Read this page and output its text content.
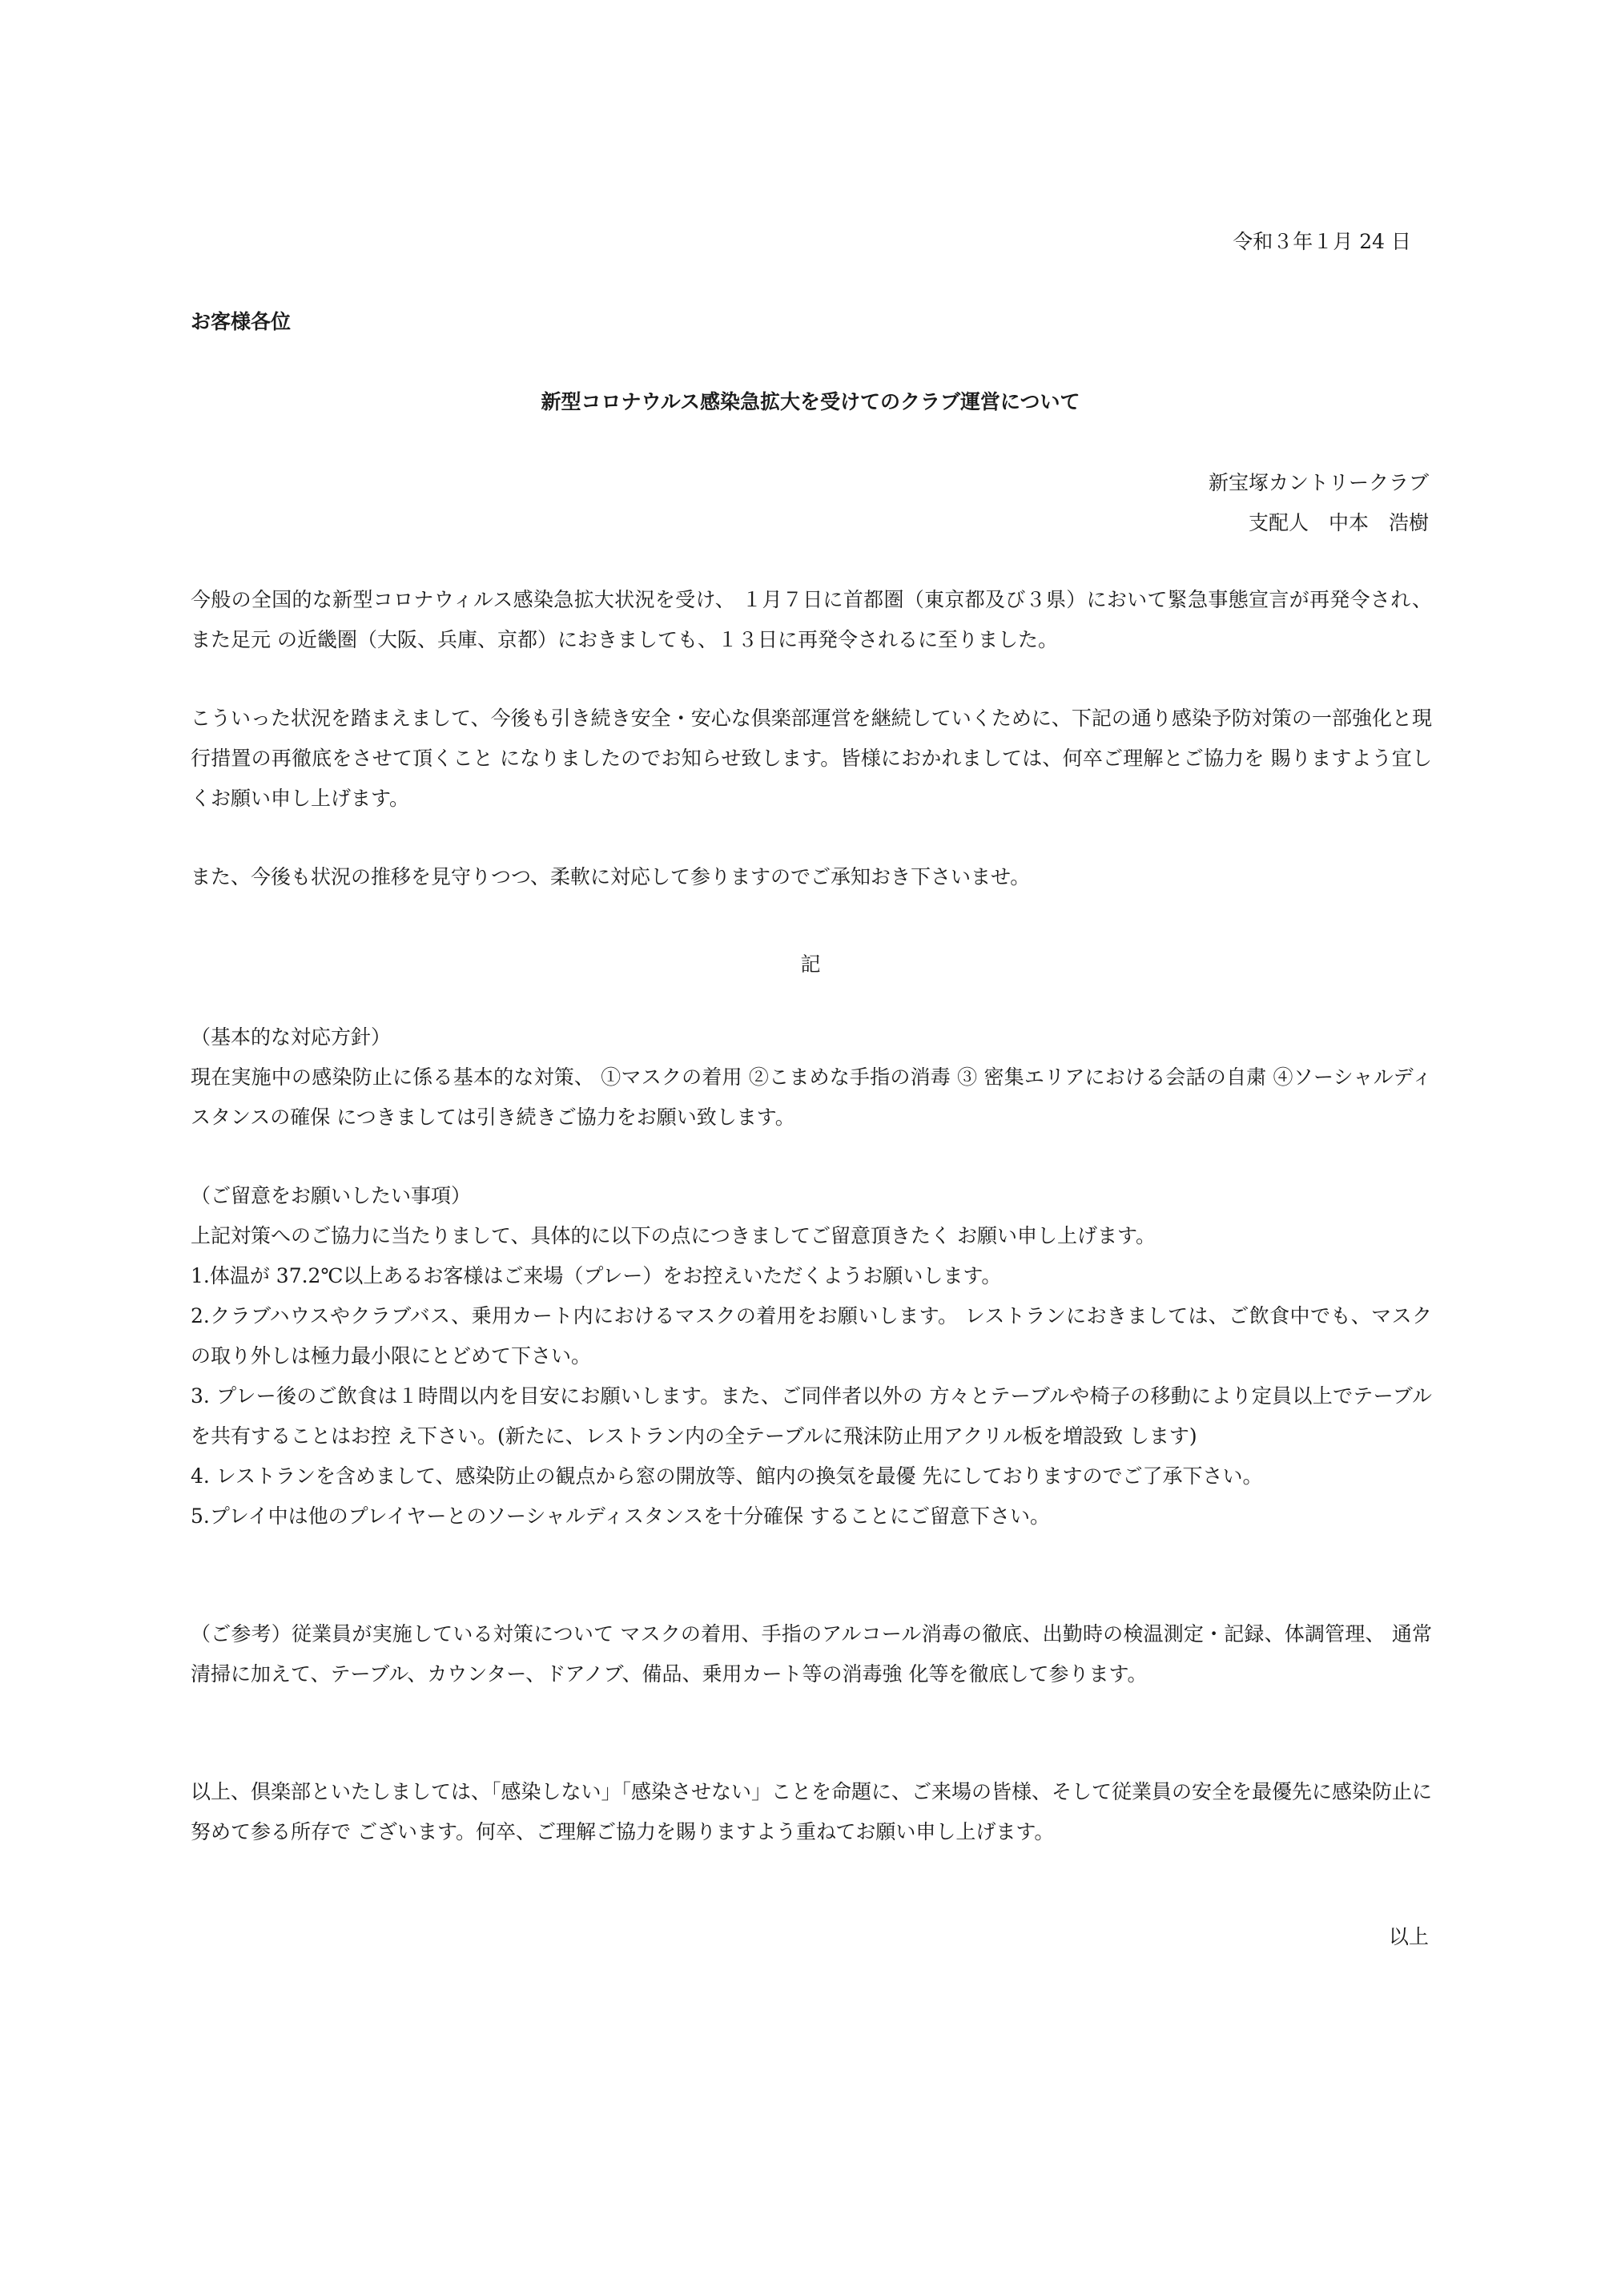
令和３年１月 24 日
お客様各位
新型コロナウルス感染急拡大を受けてのクラブ運営について
新宝塚カントリークラブ
支配人　中本　浩樹

今般の全国的な新型コロナウィルス感染急拡大状況を受け、 １月７日に首都圏（東京都及び３県）において緊急事態宣言が再発令され、また足元 の近畿圏（大阪、兵庫、京都）におきましても、１３日に再発令されるに至りました。

こういった状況を踏まえまして、今後も引き続き安全・安心な倶楽部運営を継続していくために、下記の通り感染予防対策の一部強化と現行措置の再徹底をさせて頂くこと になりましたのでお知らせ致します。皆様におかれましては、何卒ご理解とご協力を 賜りますよう宜しくお願い申し上げます。

また、今後も状況の推移を見守りつつ、柔軟に対応して参りますのでご承知おき下さいませ。

記

（基本的な対応方針）

現在実施中の感染防止に係る基本的な対策、 ①マスクの着用 ②こまめな手指の消毒 ③ 密集エリアにおける会話の自粛 ④ソーシャルディスタンスの確保 につきましては引き続きご協力をお願い致します。

（ご留意をお願いしたい事項）

上記対策へのご協力に当たりまして、具体的に以下の点につきましてご留意頂きたく お願い申し上げます。

1.体温が 37.2℃以上あるお客様はご来場（プレー）をお控えいただくようお願いします。

2.クラブハウスやクラブバス、乗用カート内におけるマスクの着用をお願いします。 レストランにおきましては、ご飲食中でも、マスクの取り外しは極力最小限にとどめて下さい。

3. プレー後のご飲食は１時間以内を目安にお願いします。また、ご同伴者以外の 方々とテーブルや椅子の移動により定員以上でテーブルを共有することはお控 え下さい。(新たに、レストラン内の全テーブルに飛沫防止用アクリル板を増設致 します)

4. レストランを含めまして、感染防止の観点から窓の開放等、館内の換気を最優 先にしておりますのでご了承下さい。

5.プレイ中は他のプレイヤーとのソーシャルディスタンスを十分確保 することにご留意下さい。

（ご参考）従業員が実施している対策について マスクの着用、手指のアルコール消毒の徹底、出勤時の検温測定・記録、体調管理、 通常清掃に加えて、テーブル、カウンター、ドアノブ、備品、乗用カート等の消毒強 化等を徹底して参ります。

以上、倶楽部といたしましては、「感染しない」「感染させない」ことを命題に、ご来場の皆様、そして従業員の安全を最優先に感染防止に努めて参る所存で ございます。何卒、ご理解ご協力を賜りますよう重ねてお願い申し上げます。

以上
